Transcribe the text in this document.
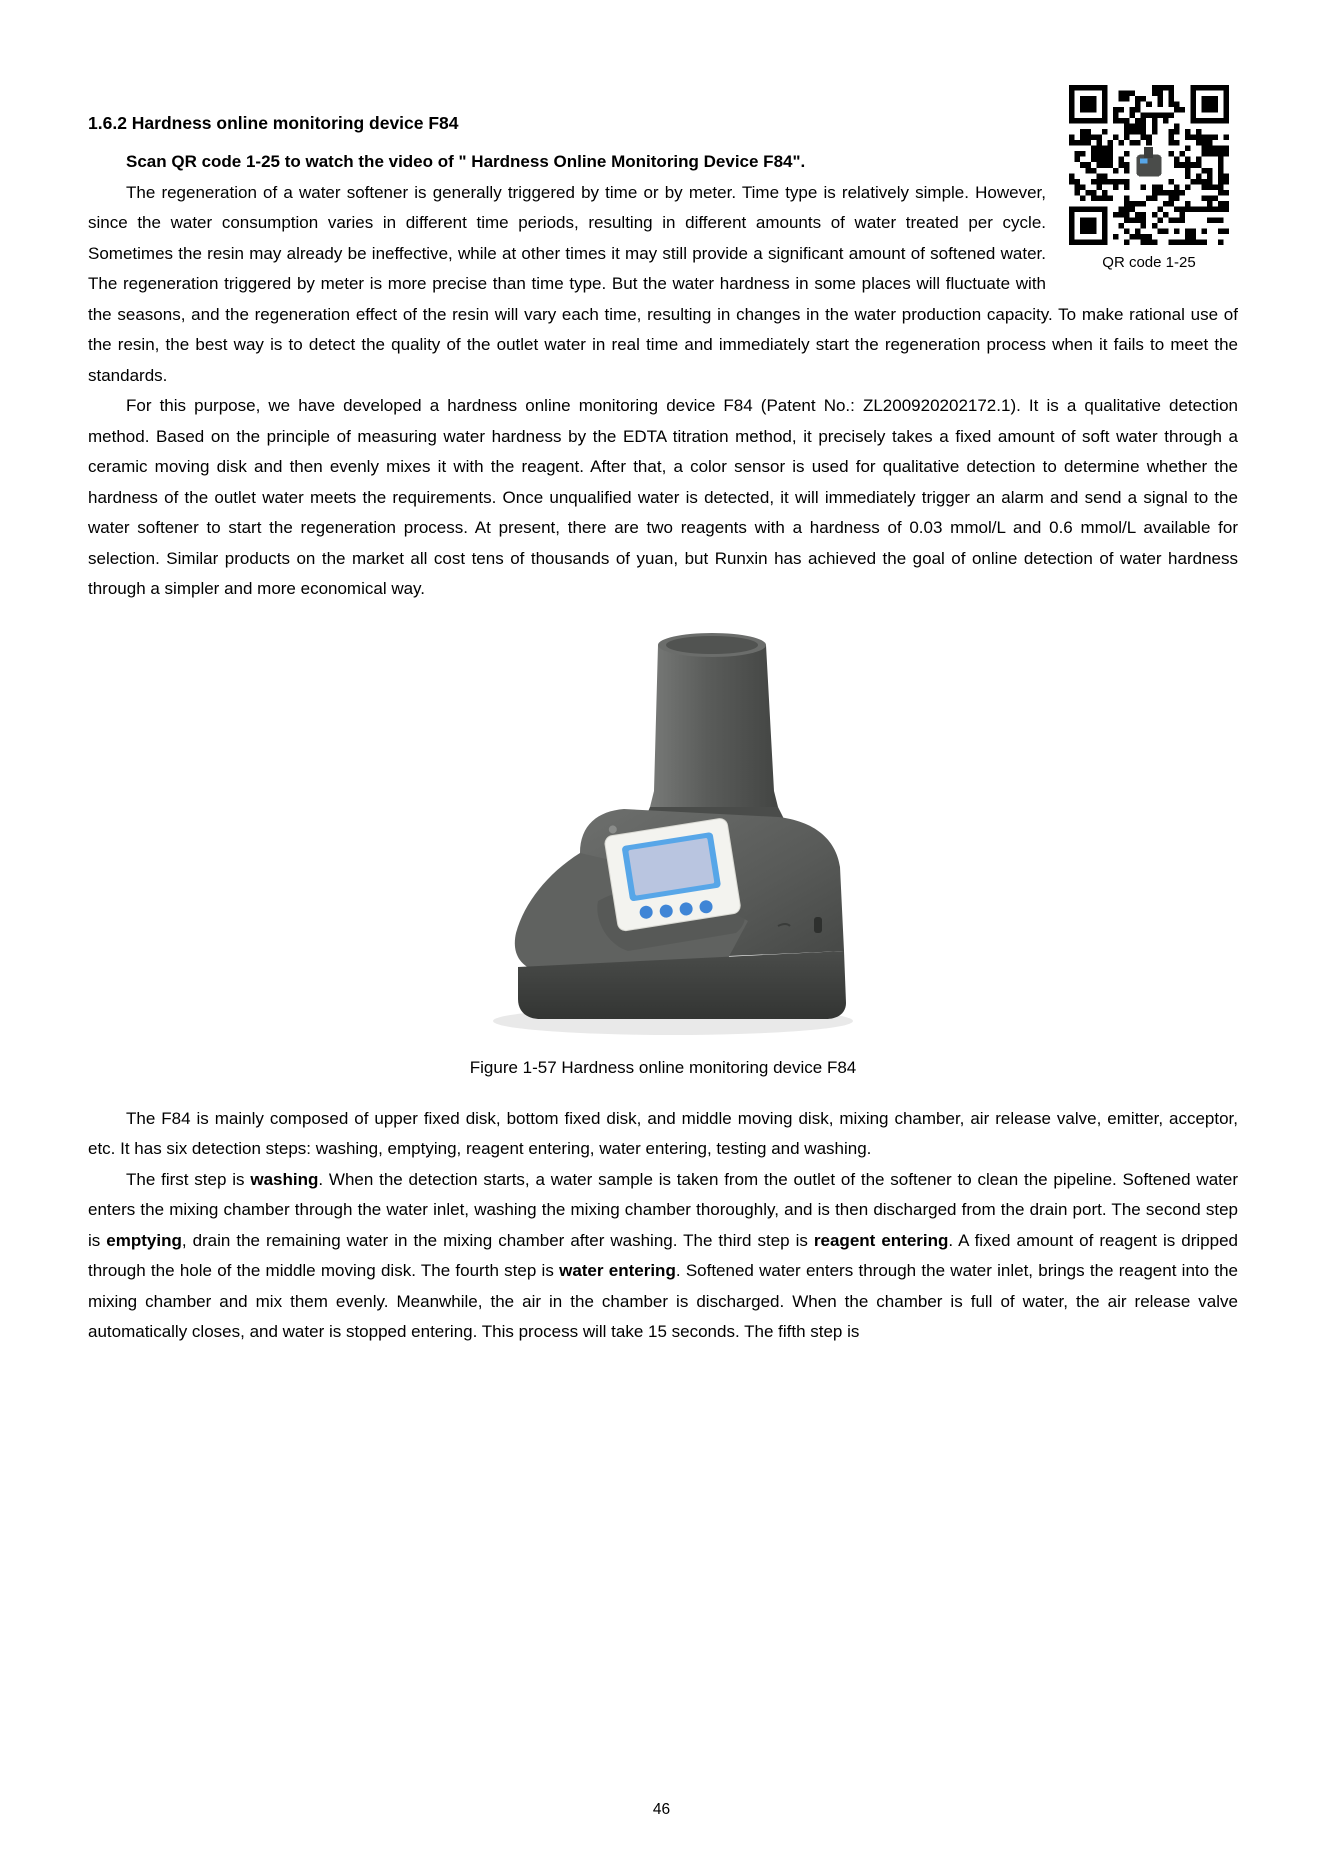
QR code 1-25
1.6.2 Hardness online monitoring device F84

Scan QR code 1-25 to watch the video of " Hardness Online Monitoring Device F84".

The regeneration of a water softener is generally triggered by time or by meter. Time type is relatively simple. However, since the water consumption varies in different time periods, resulting in different amounts of water treated per cycle. Sometimes the resin may already be ineffective, while at other times it may still provide a significant amount of softened water. The regeneration triggered by meter is more precise than time type. But the water hardness in some places will fluctuate with the seasons, and the regeneration effect of the resin will vary each time, resulting in changes in the water production capacity. To make rational use of the resin, the best way is to detect the quality of the outlet water in real time and immediately start the regeneration process when it fails to meet the standards.

For this purpose, we have developed a hardness online monitoring device F84 (Patent No.: ZL200920202172.1). It is a qualitative detection method. Based on the principle of measuring water hardness by the EDTA titration method, it precisely takes a fixed amount of soft water through a ceramic moving disk and then evenly mixes it with the reagent. After that, a color sensor is used for qualitative detection to determine whether the hardness of the outlet water meets the requirements. Once unqualified water is detected, it will immediately trigger an alarm and send a signal to the water softener to start the regeneration process. At present, there are two reagents with a hardness of 0.03 mmol/L and 0.6 mmol/L available for selection. Similar products on the market all cost tens of thousands of yuan, but Runxin has achieved the goal of online detection of water hardness through a simpler and more economical way.

Figure 1-57 Hardness online monitoring device F84

The F84 is mainly composed of upper fixed disk, bottom fixed disk, and middle moving disk, mixing chamber, air release valve, emitter, acceptor, etc. It has six detection steps: washing, emptying, reagent entering, water entering, testing and washing.

The first step is washing. When the detection starts, a water sample is taken from the outlet of the softener to clean the pipeline. Softened water enters the mixing chamber through the water inlet, washing the mixing chamber thoroughly, and is then discharged from the drain port. The second step is emptying, drain the remaining water in the mixing chamber after washing. The third step is reagent entering. A fixed amount of reagent is dripped through the hole of the middle moving disk. The fourth step is water entering. Softened water enters through the water inlet, brings the reagent into the mixing chamber and mix them evenly. Meanwhile, the air in the chamber is discharged. When the chamber is full of water, the air release valve automatically closes, and water is stopped entering. This process will take 15 seconds. The fifth step is

46
